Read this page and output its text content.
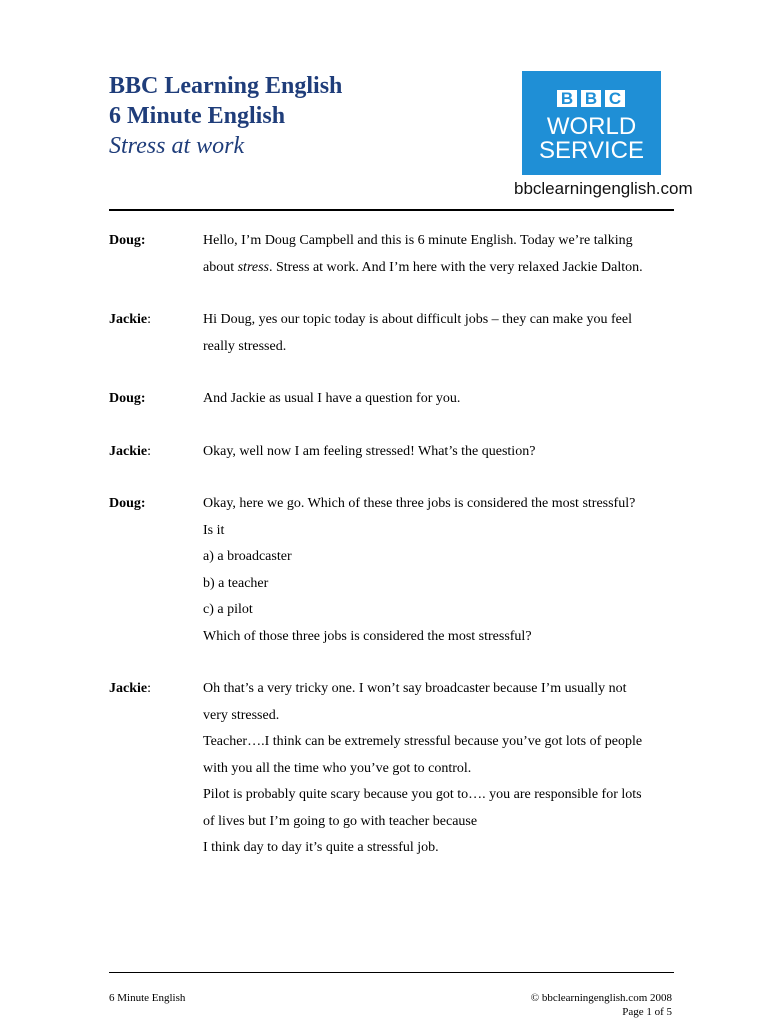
BBC Learning English
6 Minute English
Stress at work
B B C
WORLD
SERVICE
bbclearningenglish.com
Doug:	Hello, I’m Doug Campbell and this is 6 minute English. Today we’re talking
about stress. Stress at work. And I’m here with the very relaxed Jackie Dalton.
Jackie:	Hi Doug, yes our topic today is about difficult jobs – they can make you feel
really stressed.
Doug:	And Jackie as usual I have a question for you.
Jackie:	Okay, well now I am feeling stressed! What’s the question?
Doug:	Okay, here we go. Which of these three jobs is considered the most stressful?
Is it
a) a broadcaster
b) a teacher
c) a pilot
Which of those three jobs is considered the most stressful?
Jackie:	Oh that’s a very tricky one. I won’t say broadcaster because I’m usually not
very stressed.
Teacher….I think can be extremely stressful because you’ve got lots of people
with you all the time who you’ve got to control.
Pilot is probably quite scary because you got to…. you are responsible for lots
of lives but I’m going to go with teacher because
I think day to day it’s quite a stressful job.
6 Minute English	© bbclearningenglish.com 2008
Page 1 of 5
